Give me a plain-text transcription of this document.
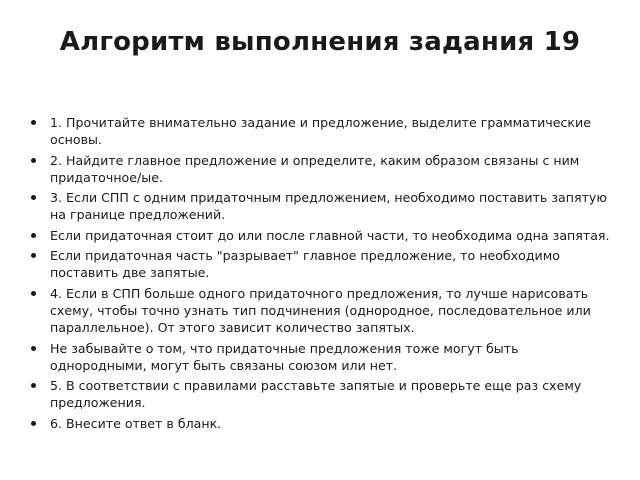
Алгоритм выполнения задания 19
1. Прочитайте внимательно задание и предложение, выделите грамматические основы.
2. Найдите главное предложение и определите, каким образом связаны с ним придаточное/ые.
3. Если СПП с одним придаточным предложением, необходимо поставить запятую на границе предложений.
Если придаточная стоит до или после главной части, то необходима одна запятая.
Если придаточная часть "разрывает" главное предложение, то необходимо поставить две запятые.
4. Если в СПП больше одного придаточного предложения, то лучше нарисовать схему, чтобы точно узнать тип подчинения (однородное, последовательное или параллельное). От этого зависит количество запятых.
Не забывайте о том, что придаточные предложения тоже могут быть однородными, могут быть связаны союзом или нет.
5. В соответствии с правилами расставьте запятые и проверьте еще раз схему предложения.
6. Внесите ответ в бланк.
